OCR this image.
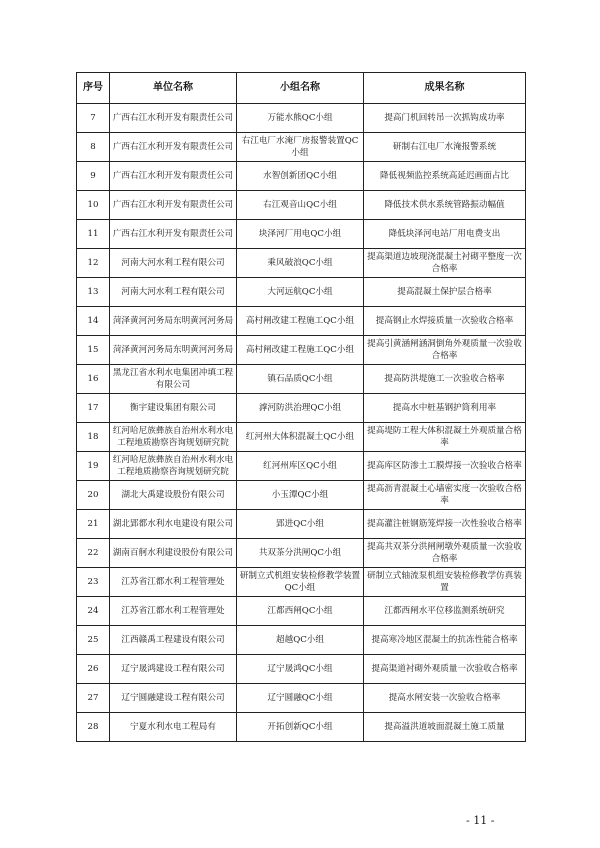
序号	单位名称	小组名称	成果名称
7	广西右江水利开发有限责任公司	万能水熊QC小组	提高门机回转吊一次抓钩成功率
8	广西右江水利开发有限责任公司	右江电厂水淹厂房报警装置QC小组	研制右江电厂水淹报警系统
9	广西右江水利开发有限责任公司	水智创新团QC小组	降低视频监控系统高延迟画面占比
10	广西右江水利开发有限责任公司	右江观音山QC小组	降低技术供水系统管路振动幅值
11	广西右江水利开发有限责任公司	块泽河厂用电QC小组	降低块泽河电站厂用电费支出
12	河南大河水利工程有限公司	乘风破浪QC小组	提高渠道边坡现浇混凝土衬砌平整度一次合格率
13	河南大河水利工程有限公司	大河远航QC小组	提高混凝土保护层合格率
14	菏泽黄河河务局东明黄河河务局	高村闸改建工程施工QC小组	提高钢止水焊接质量一次验收合格率
15	菏泽黄河河务局东明黄河河务局	高村闸改建工程施工QC小组	提高引黄涵闸涵洞倒角外观质量一次验收合格率
16	黑龙江省水利水电集团冲填工程有限公司	镇石品质QC小组	提高防洪堤施工一次验收合格率
17	衡宇建设集团有限公司	滹河防洪治理QC小组	提高水中桩基钢护筒利用率
18	红河哈尼族彝族自治州水利水电工程地质勘察咨询规划研究院	红河州大体积混凝土QC小组	提高堤防工程大体积混凝土外观质量合格率
19	红河哈尼族彝族自治州水利水电工程地质勘察咨询规划研究院	红河州库区QC小组	提高库区防渗土工膜焊接一次验收合格率
20	湖北大禹建设股份有限公司	小玉潭QC小组	提高沥青混凝土心墙密实度一次验收合格率
21	湖北郢都水利水电建设有限公司	郢进QC小组	提高灌注桩钢筋笼焊接一次性验收合格率
22	湖南百舸水利建设股份有限公司	共双茶分洪闸QC小组	提高共双茶分洪闸闸墩外观质量一次验收合格率
23	江苏省江都水利工程管理处	研制立式机组安装检修教学装置QC小组	研制立式轴流泵机组安装检修教学仿真装置
24	江苏省江都水利工程管理处	江都西闸QC小组	江都西闸水平位移监测系统研究
25	江西赣禹工程建设有限公司	超越QC小组	提高寒冷地区混凝土的抗冻性能合格率
26	辽宁晟鸿建设工程有限公司	辽宁晟鸿QC小组	提高渠道衬砌外观质量一次验收合格率
27	辽宁圆融建设工程有限公司	辽宁圆融QC小组	提高水闸安装一次验收合格率
28	宁夏水利水电工程局有	开拓创新QC小组	提高溢洪道坡面混凝土施工质量
- 11 -
